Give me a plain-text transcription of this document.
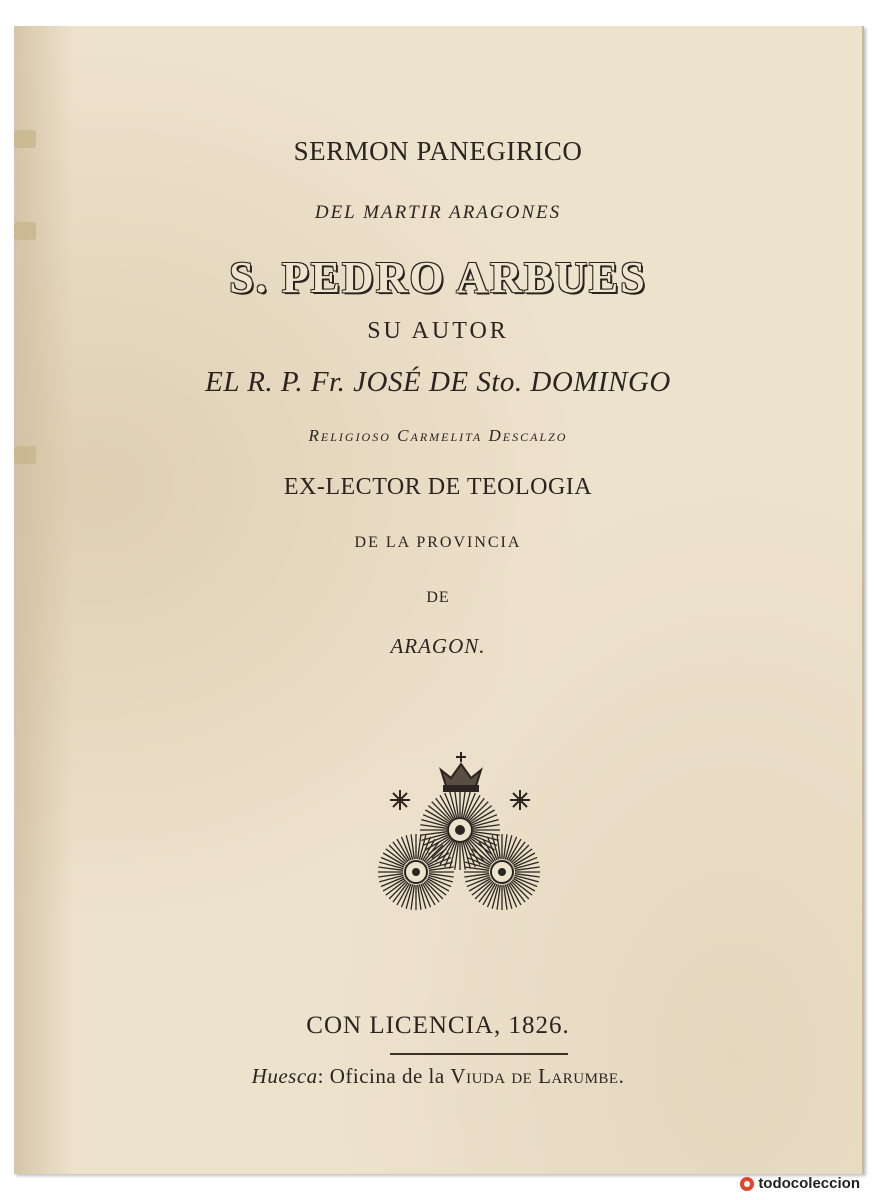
SERMON PANEGIRICO
DEL MARTIR ARAGONES
S. PEDRO ARBUES
SU AUTOR
EL R. P. Fr. JOSÉ DE Sto. DOMINGO
Religioso Carmelita Descalzo
EX-LECTOR DE TEOLOGIA
DE LA PROVINCIA
DE
ARAGON.
CON LICENCIA, 1826.
Huesca: Oficina de la Viuda de Larumbe.
todocoleccion
